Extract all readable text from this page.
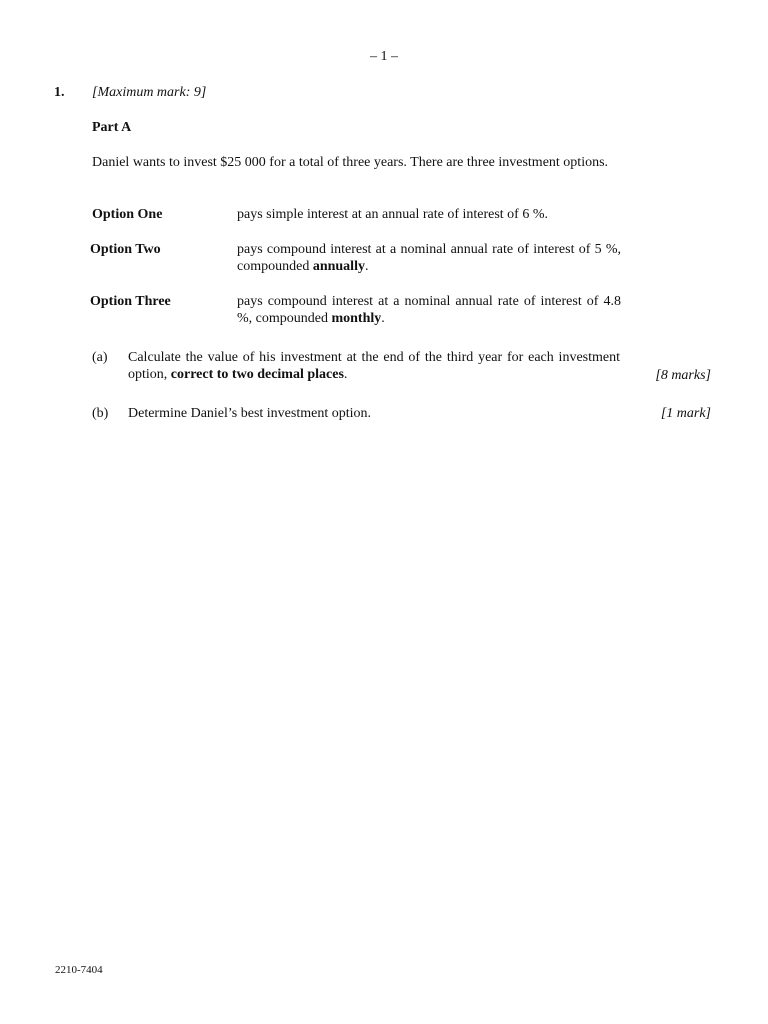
– 1 –
1. [Maximum mark: 9]
Part A
Daniel wants to invest $25 000 for a total of three years. There are three investment options.
Option One	pays simple interest at an annual rate of interest of 6 %.
Option Two	pays compound interest at a nominal annual rate of interest of 5 %, compounded annually.
Option Three	pays compound interest at a nominal annual rate of interest of 4.8 %, compounded monthly.
(a) Calculate the value of his investment at the end of the third year for each investment option, correct to two decimal places.	[8 marks]
(b) Determine Daniel’s best investment option.	[1 mark]
2210-7404
